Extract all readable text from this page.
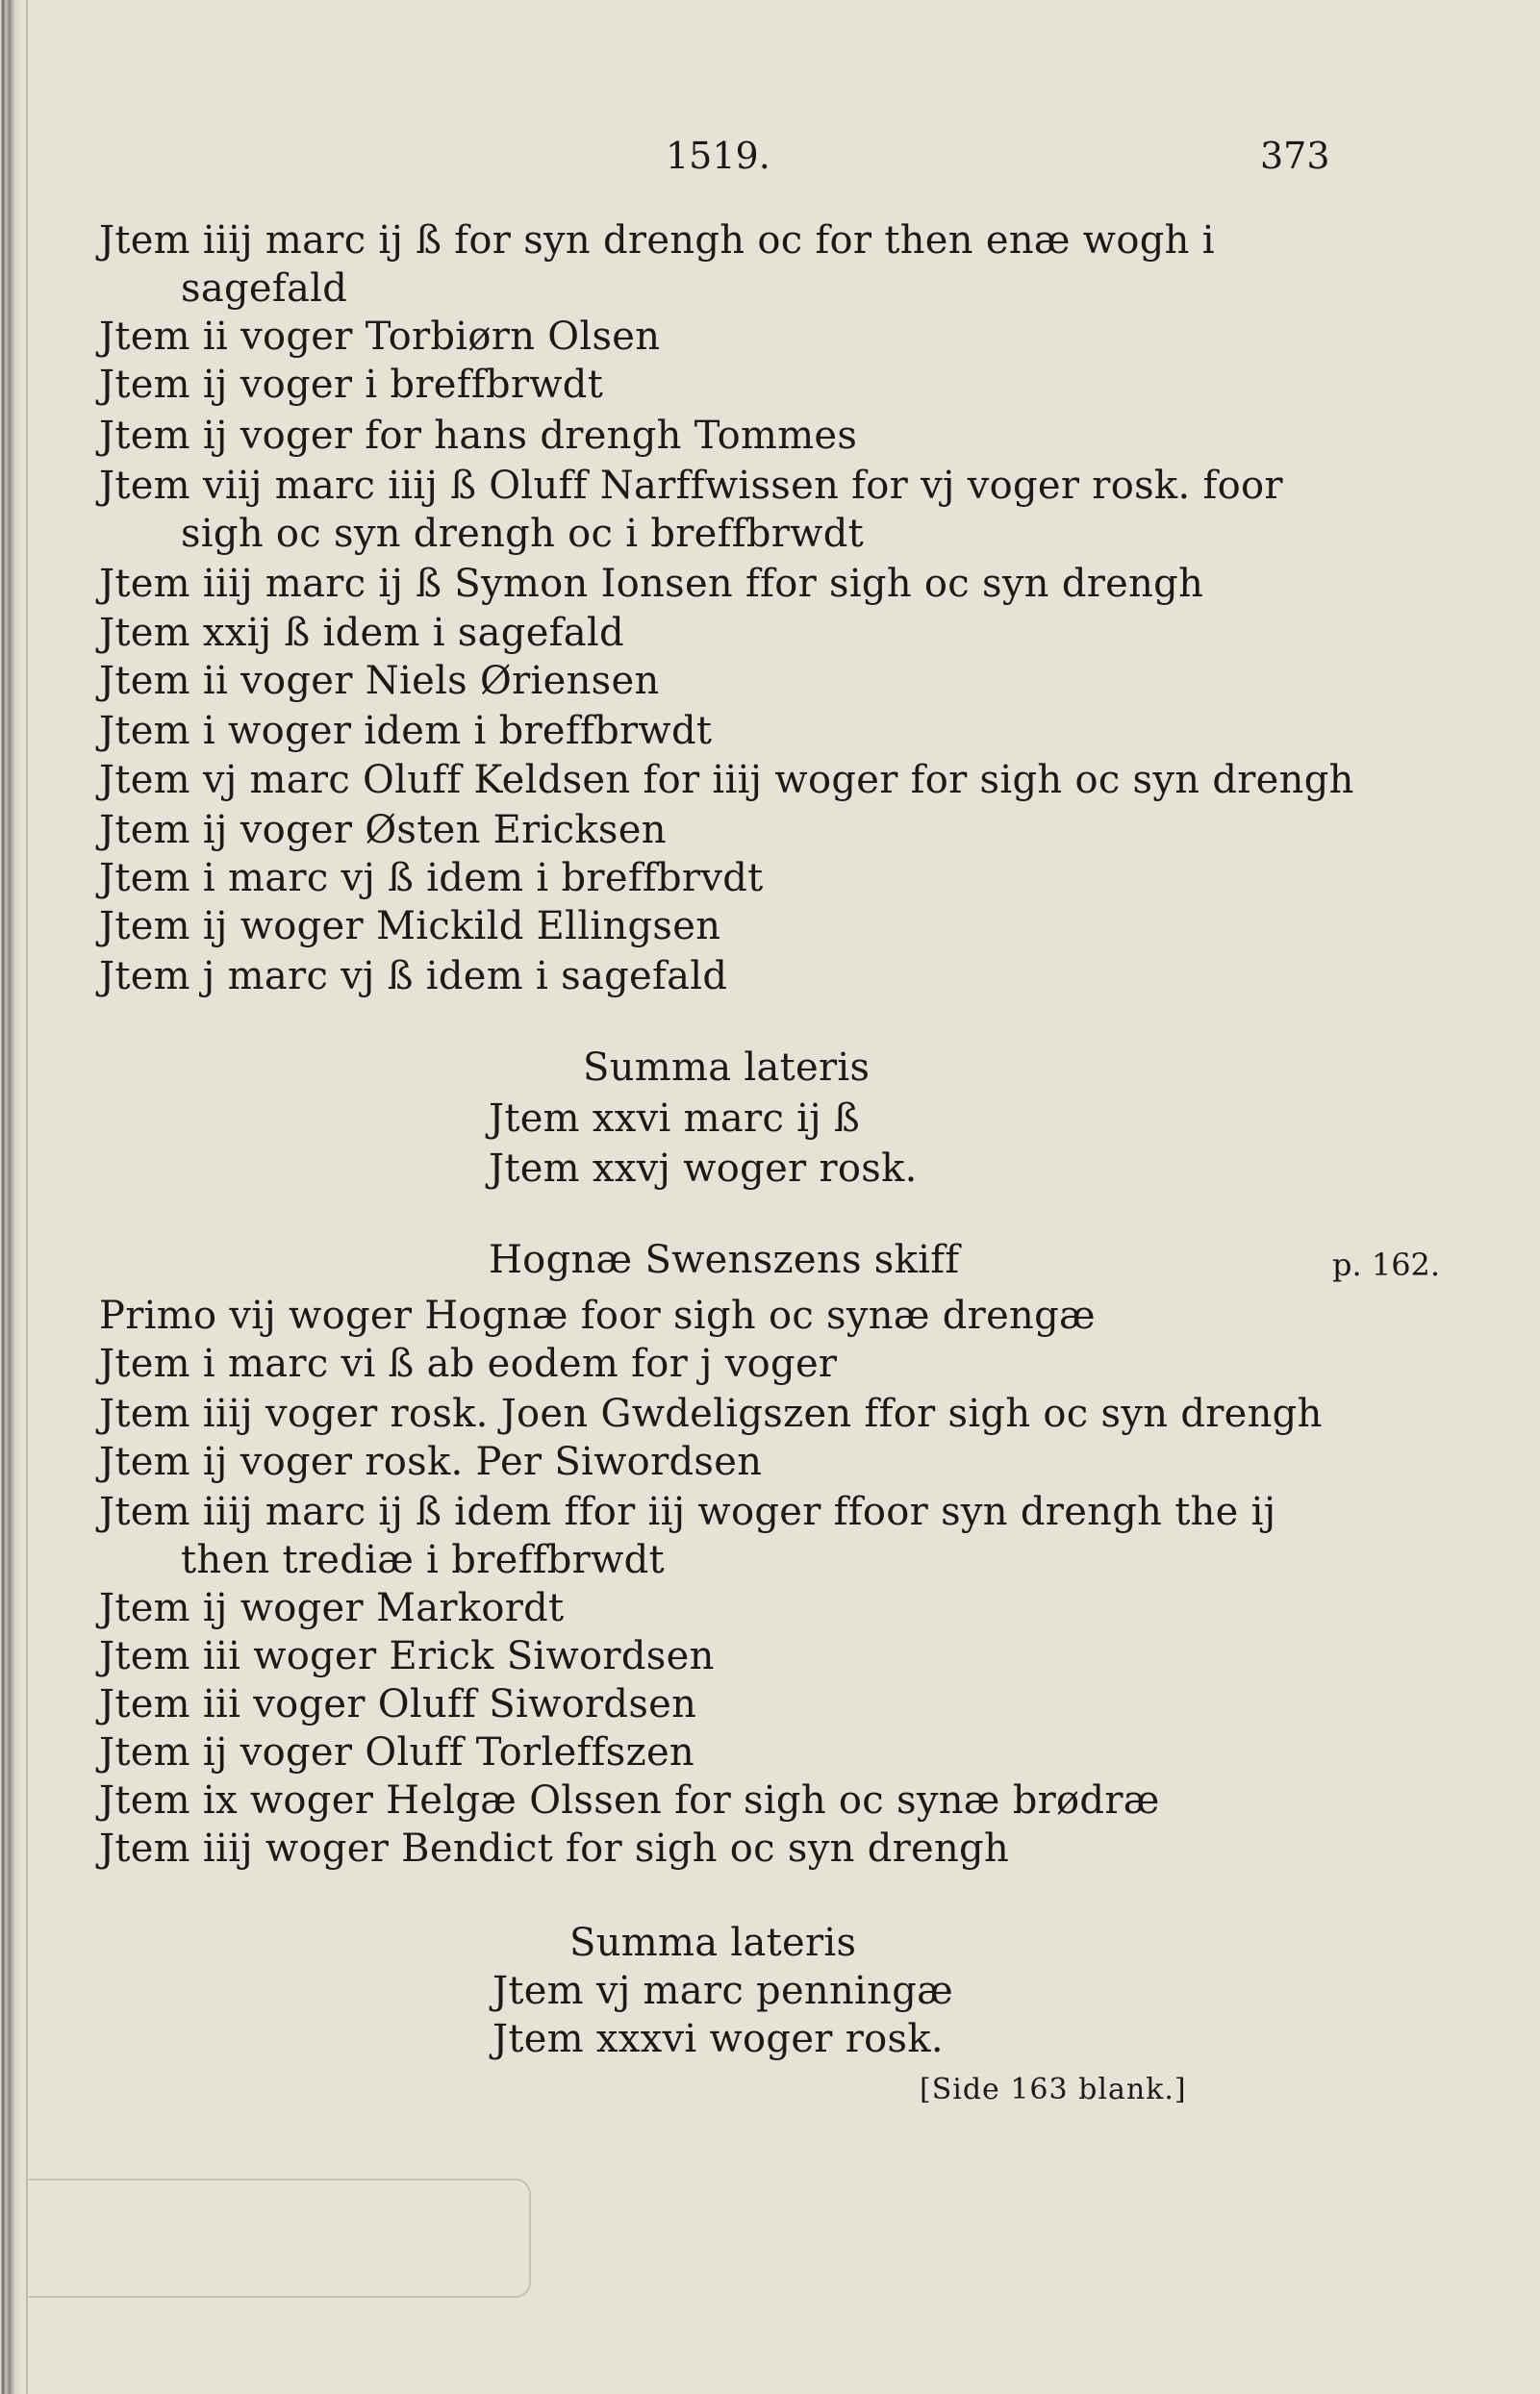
1519.	373
Jtem iiij marc ij ß for syn drengh oc for then enæ wogh i
sagefald
Jtem ii voger Torbiørn Olsen
Jtem ij voger i breffbrwdt
Jtem ij voger for hans drengh Tommes
Jtem viij marc iiij ß Oluff Narffwissen for vj voger rosk. foor
sigh oc syn drengh oc i breffbrwdt
Jtem iiij marc ij ß Symon Ionsen ffor sigh oc syn drengh
Jtem xxij ß idem i sagefald
Jtem ii voger Niels Øriensen
Jtem i woger idem i breffbrwdt
Jtem vj marc Oluff Keldsen for iiij woger for sigh oc syn drengh
Jtem ij voger Østen Ericksen
Jtem i marc vj ß idem i breffbrvdt
Jtem ij woger Mickild Ellingsen
Jtem j marc vj ß idem i sagefald
Summa lateris
Jtem xxvi marc ij ß
Jtem xxvj woger rosk.
Hognæ Swenszens skiff	p. 162.
Primo vij woger Hognæ foor sigh oc synæ drengæ
Jtem i marc vi ß ab eodem for j voger
Jtem iiij voger rosk. Joen Gwdeligszen ffor sigh oc syn drengh
Jtem ij voger rosk. Per Siwordsen
Jtem iiij marc ij ß idem ffor iij woger ffoor syn drengh the ij
then trediæ i breffbrwdt
Jtem ij woger Markordt
Jtem iii woger Erick Siwordsen
Jtem iii voger Oluff Siwordsen
Jtem ij voger Oluff Torleffszen
Jtem ix woger Helgæ Olssen for sigh oc synæ brødræ
Jtem iiij woger Bendict for sigh oc syn drengh
Summa lateris
Jtem vj marc penningæ
Jtem xxxvi woger rosk.
[Side 163 blank.]
